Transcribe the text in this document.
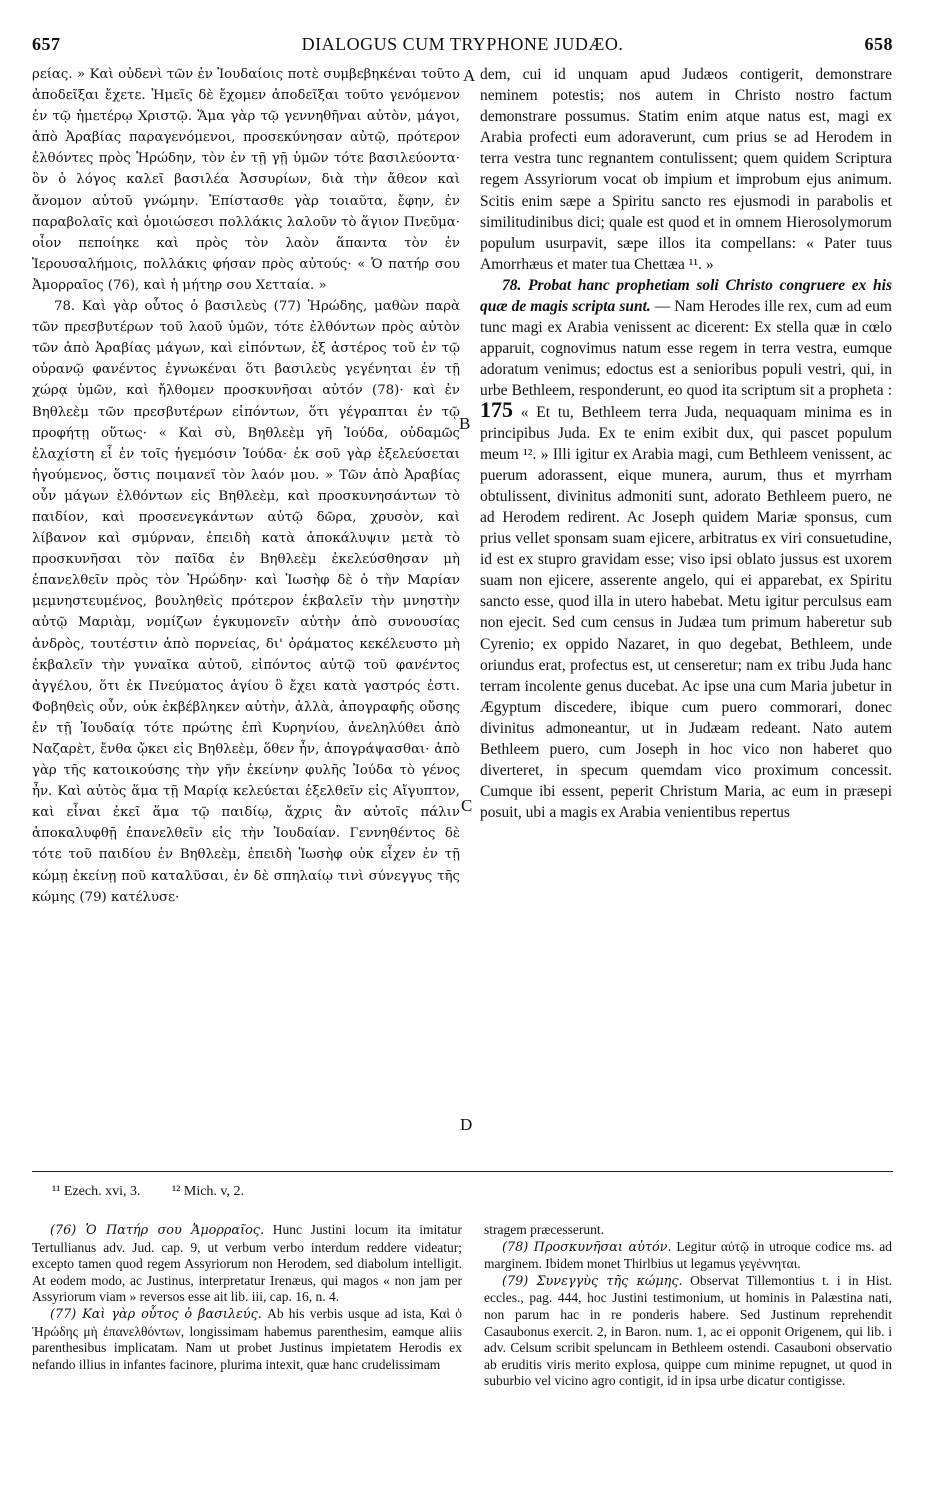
657	DIALOGUS CUM TRYPHONE JUDÆO.	658

ρείας. » Καὶ οὐδενὶ τῶν ἐν Ἰουδαίοις ποτὲ συμβεβηκέναι τοῦτο ἀποδεῖξαι ἔχετε. Ἡμεῖς δὲ ἔχομεν ἀποδεῖξαι τοῦτο γενόμενον ἐν τῷ ἡμετέρῳ Χριστῷ. Ἅμα γὰρ τῷ γεννηθῆναι αὐτὸν, μάγοι, ἀπὸ Ἀραβίας παραγενόμενοι, προσεκύνησαν αὐτῷ, πρότερον ἐλθόντες πρὸς Ἡρώδην, τὸν ἐν τῇ γῇ ὑμῶν τότε βασιλεύοντα· ὃν ὁ λόγος καλεῖ βασιλέα Ἀσσυρίων, διὰ τὴν ἄθεον καὶ ἄνομον αὐτοῦ γνώμην. Ἐπίστασθε γὰρ τοιαῦτα, ἔφην, ἐν παραβολαῖς καὶ ὁμοιώσεσι πολλάκις λαλοῦν τὸ ἅγιον Πνεῦμα· οἷον πεποίηκε καὶ πρὸς τὸν λαὸν ἅπαντα τὸν ἐν Ἱερουσαλήμοις, πολλάκις φήσαν πρὸς αὐτούς· « Ὁ πατήρ σου Ἀμορραῖος (76), καὶ ἡ μήτηρ σου Χετταία. »

78. Καὶ γὰρ οὗτος ὁ βασιλεὺς (77) Ἡρώδης, μαθὼν παρὰ τῶν πρεσβυτέρων τοῦ λαοῦ ὑμῶν, τότε ἐλθόντων πρὸς αὐτὸν τῶν ἀπὸ Ἀραβίας μάγων, καὶ εἰπόντων, ἐξ ἀστέρος τοῦ ἐν τῷ οὐρανῷ φανέντος ἐγνωκέναι ὅτι βασιλεὺς γεγένηται ἐν τῇ χώρᾳ ὑμῶν, καὶ ἤλθομεν προσκυνῆσαι αὐτόν (78)· καὶ ἐν Βηθλεὲμ τῶν πρεσβυτέρων εἰπόντων, ὅτι γέγραπται ἐν τῷ προφήτῃ οὕτως· « Καὶ σὺ, Βηθλεὲμ γῆ Ἰούδα, οὐδαμῶς ἐλαχίστη εἶ ἐν τοῖς ἡγεμόσιν Ἰούδα· ἐκ σοῦ γὰρ ἐξελεύσεται ἡγούμενος, ὅστις ποιμανεῖ τὸν λαόν μου. » Τῶν ἀπὸ Ἀραβίας οὖν μάγων ἐλθόντων εἰς Βηθλεὲμ, καὶ προσκυνησάντων τὸ παιδίον, καὶ προσενεγκάντων αὐτῷ δῶρα, χρυσὸν, καὶ λίβανον καὶ σμύρναν, ἐπειδὴ κατὰ ἀποκάλυψιν μετὰ τὸ προσκυνῆσαι τὸν παῖδα ἐν Βηθλεὲμ ἐκελεύσθησαν μὴ ἐπανελθεῖν πρὸς τὸν Ἡρώδην· καὶ Ἰωσὴφ δὲ ὁ τὴν Μαρίαν μεμνηστευμένος, βουληθεὶς πρότερον ἐκβαλεῖν τὴν μνηστὴν αὐτῷ Μαριὰμ, νομίζων ἐγκυμονεῖν αὐτὴν ἀπὸ συνουσίας ἀνδρὸς, τουτέστιν ἀπὸ πορνείας, δι' ὁράματος κεκέλευστο μὴ ἐκβαλεῖν τὴν γυναῖκα αὐτοῦ, εἰπόντος αὐτῷ τοῦ φανέντος ἀγγέλου, ὅτι ἐκ Πνεύματος ἁγίου ὃ ἔχει κατὰ γαστρός ἐστι. Φοβηθεὶς οὖν, οὐκ ἐκβέβληκεν αὐτὴν, ἀλλὰ, ἀπογραφῆς οὔσης ἐν τῇ Ἰουδαίᾳ τότε πρώτης ἐπὶ Κυρηνίου, ἀνεληλύθει ἀπὸ Ναζαρὲτ, ἔνθα ᾤκει εἰς Βηθλεὲμ, ὅθεν ἦν, ἀπογράψασθαι· ἀπὸ γὰρ τῆς κατοικούσης τὴν γῆν ἐκείνην φυλῆς Ἰούδα τὸ γένος ἦν. Καὶ αὐτὸς ἅμα τῇ Μαρίᾳ κελεύεται ἐξελθεῖν εἰς Αἴγυπτον, καὶ εἶναι ἐκεῖ ἅμα τῷ παιδίῳ, ἄχρις ἂν αὐτοῖς πάλιν ἀποκαλυφθῇ ἐπανελθεῖν εἰς τὴν Ἰουδαίαν. Γεννηθέντος δὲ τότε τοῦ παιδίου ἐν Βηθλεὲμ, ἐπειδὴ Ἰωσὴφ οὐκ εἶχεν ἐν τῇ κώμῃ ἐκείνῃ ποῦ καταλῦσαι, ἐν δὲ σπηλαίῳ τινὶ σύνεγγυς τῆς κώμης (79) κατέλυσε·

A
B
C
D

dem, cui id unquam apud Judæos contigerit, demonstrare neminem potestis; nos autem in Christo nostro factum demonstrare possumus. Statim enim atque natus est, magi ex Arabia profecti eum adoraverunt, cum prius se ad Herodem in terra vestra tunc regnantem contulissent; quem quidem Scriptura regem Assyriorum vocat ob impium et improbum ejus animum. Scitis enim sæpe a Spiritu sancto res ejusmodi in parabolis et similitudinibus dici; quale est quod et in omnem Hierosolymorum populum usurpavit, sæpe illos ita compellans: « Pater tuus Amorrhæus et mater tua Chettæa ¹¹. »

78. Probat hanc prophetiam soli Christo congruere ex his quæ de magis scripta sunt. — Nam Herodes ille rex, cum ad eum tunc magi ex Arabia venissent ac dicerent: Ex stella quæ in cœlo apparuit, cognovimus natum esse regem in terra vestra, eumque adoratum venimus; edoctus est a senioribus populi vestri, qui, in urbe Bethleem, responderunt, eo quod ita scriptum sit a propheta : 175 « Et tu, Bethleem terra Juda, nequaquam minima es in principibus Juda. Ex te enim exibit dux, qui pascet populum meum ¹². » Illi igitur ex Arabia magi, cum Bethleem venissent, ac puerum adorassent, eique munera, aurum, thus et myrrham obtulissent, divinitus admoniti sunt, adorato Bethleem puero, ne ad Herodem redirent. Ac Joseph quidem Mariæ sponsus, cum prius vellet sponsam suam ejicere, arbitratus ex viri consuetudine, id est ex stupro gravidam esse; viso ipsi oblato jussus est uxorem suam non ejicere, asserente angelo, qui ei apparebat, ex Spiritu sancto esse, quod illa in utero habebat. Metu igitur perculsus eam non ejecit. Sed cum census in Judæa tum primum haberetur sub Cyrenio; ex oppido Nazaret, in quo degebat, Bethleem, unde oriundus erat, profectus est, ut censeretur; nam ex tribu Juda hanc terram incolente genus ducebat. Ac ipse una cum Maria jubetur in Ægyptum discedere, ibique cum puero commorari, donec divinitus admoneantur, ut in Judæam redeant. Nato autem Bethleem puero, cum Joseph in hoc vico non haberet quo diverteret, in specum quemdam vico proximum concessit. Cumque ibi essent, peperit Christum Maria, ac eum in præsepi posuit, ubi a magis ex Arabia venientibus repertus

¹¹ Ezech. xvi, 3. ¹² Mich. v, 2.

(76) Ὁ Πατήρ σου Ἀμορραῖος. Hunc Justini locum ita imitatur Tertullianus adv. Jud. cap. 9, ut verbum verbo interdum reddere videatur; excepto tamen quod regem Assyriorum non Herodem, sed diabolum intelligit. At eodem modo, ac Justinus, interpretatur Irenæus, qui magos « non jam per Assyriorum viam » reversos esse ait lib. iii, cap. 16, n. 4.

(77) Καὶ γὰρ οὗτος ὁ βασιλεύς. Ab his verbis usque ad ista, Καὶ ὁ Ἡρώδης μὴ ἐπανελθόντων, longissimam habemus parenthesim, eamque aliis parenthesibus implicatam. Nam ut probet Justinus impietatem Herodis ex nefando illius in infantes facinore, plurima intexit, quæ hanc crudelissimam

stragem præcesserunt.

(78) Προσκυνῆσαι αὐτόν. Legitur αὐτῷ in utroque codice ms. ad marginem. Ibidem monet Thirlbius ut legamus γεγέννηται.

(79) Συνεγγὺς τῆς κώμης. Observat Tillemontius t. i in Hist. eccles., pag. 444, hoc Justini testimonium, ut hominis in Palæstina nati, non parum hac in re ponderis habere. Sed Justinum reprehendit Casaubonus exercit. 2, in Baron. num. 1, ac ei opponit Origenem, qui lib. i adv. Celsum scribit speluncam in Bethleem ostendi. Casauboni observatio ab eruditis viris merito explosa, quippe cum minime repugnet, ut quod in suburbio vel vicino agro contigit, id in ipsa urbe dicatur contigisse.
